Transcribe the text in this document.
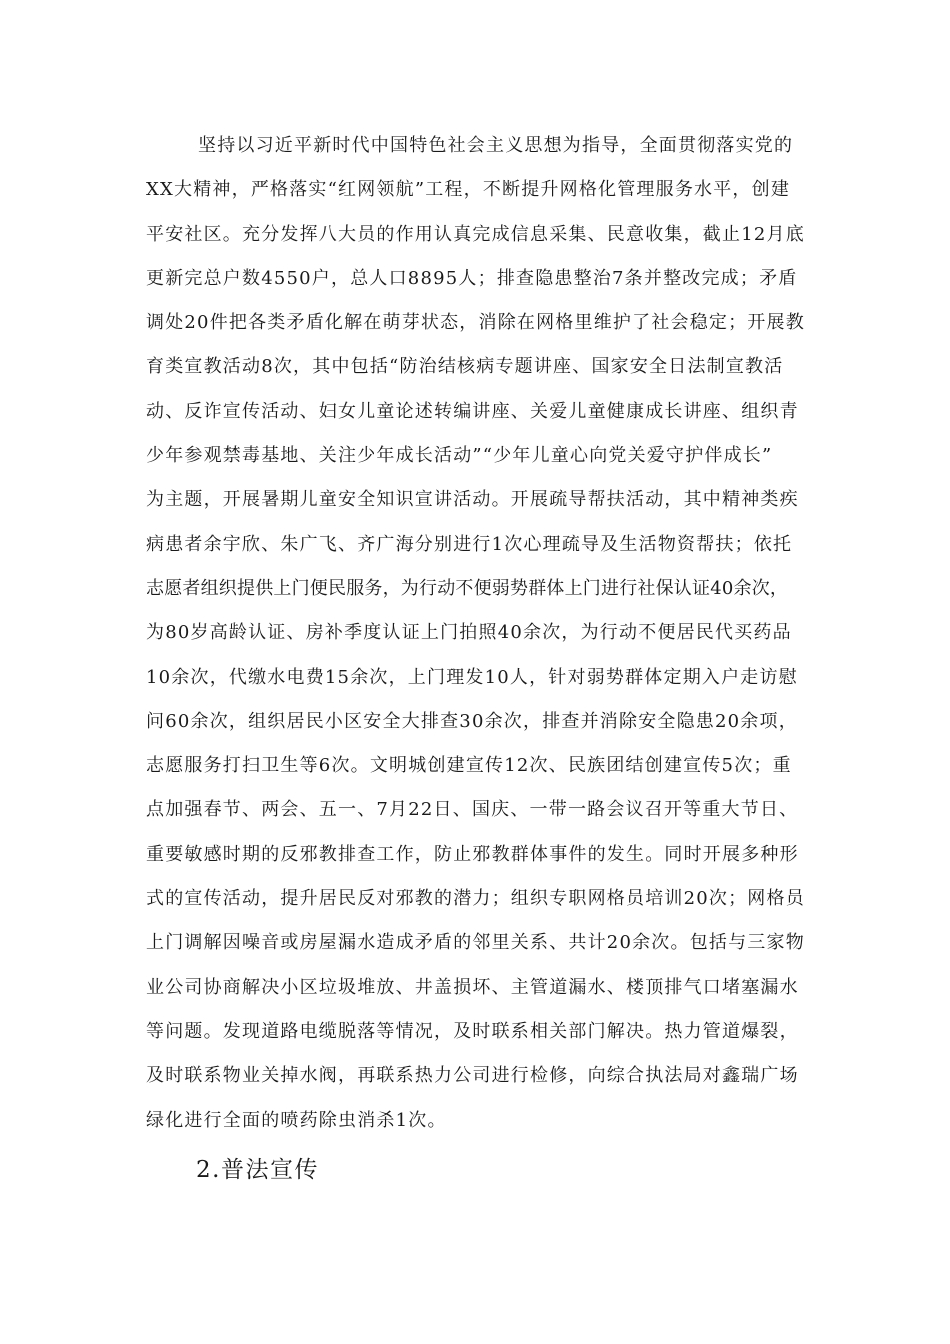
坚持以习近平新时代中国特色社会主义思想为指导，全面贯彻落实党的
XX大精神，严格落实“红网领航”工程，不断提升网格化管理服务水平，创建
平安社区。充分发挥八大员的作用认真完成信息采集、民意收集，截止12月底
更新完总户数4550户，总人口8895人；排查隐患整治7条并整改完成；矛盾
调处20件把各类矛盾化解在萌芽状态，消除在网格里维护了社会稳定；开展教
育类宣教活动8次，其中包括“防治结核病专题讲座、国家安全日法制宣教活
动、反诈宣传活动、妇女儿童论述转编讲座、关爱儿童健康成长讲座、组织青
少年参观禁毒基地、关注少年成长活动”“少年儿童心向党关爱守护伴成长”
为主题，开展暑期儿童安全知识宣讲活动。开展疏导帮扶活动，其中精神类疾
病患者余宇欣、朱广飞、齐广海分别进行1次心理疏导及生活物资帮扶；依托
志愿者组织提供上门便民服务，为行动不便弱势群体上门进行社保认证40余次，
为80岁高龄认证、房补季度认证上门拍照40余次，为行动不便居民代买药品
10余次，代缴水电费15余次，上门理发10人，针对弱势群体定期入户走访慰
问60余次，组织居民小区安全大排查30余次，排查并消除安全隐患20余项，
志愿服务打扫卫生等6次。文明城创建宣传12次、民族团结创建宣传5次；重
点加强春节、两会、五一、7月22日、国庆、一带一路会议召开等重大节日、
重要敏感时期的反邪教排查工作，防止邪教群体事件的发生。同时开展多种形
式的宣传活动，提升居民反对邪教的潜力；组织专职网格员培训20次；网格员
上门调解因噪音或房屋漏水造成矛盾的邻里关系、共计20余次。包括与三家物
业公司协商解决小区垃圾堆放、井盖损坏、主管道漏水、楼顶排气口堵塞漏水
等问题。发现道路电缆脱落等情况，及时联系相关部门解决。热力管道爆裂，
及时联系物业关掉水阀，再联系热力公司进行检修，向综合执法局对鑫瑞广场
绿化进行全面的喷药除虫消杀1次。
2.普法宣传
